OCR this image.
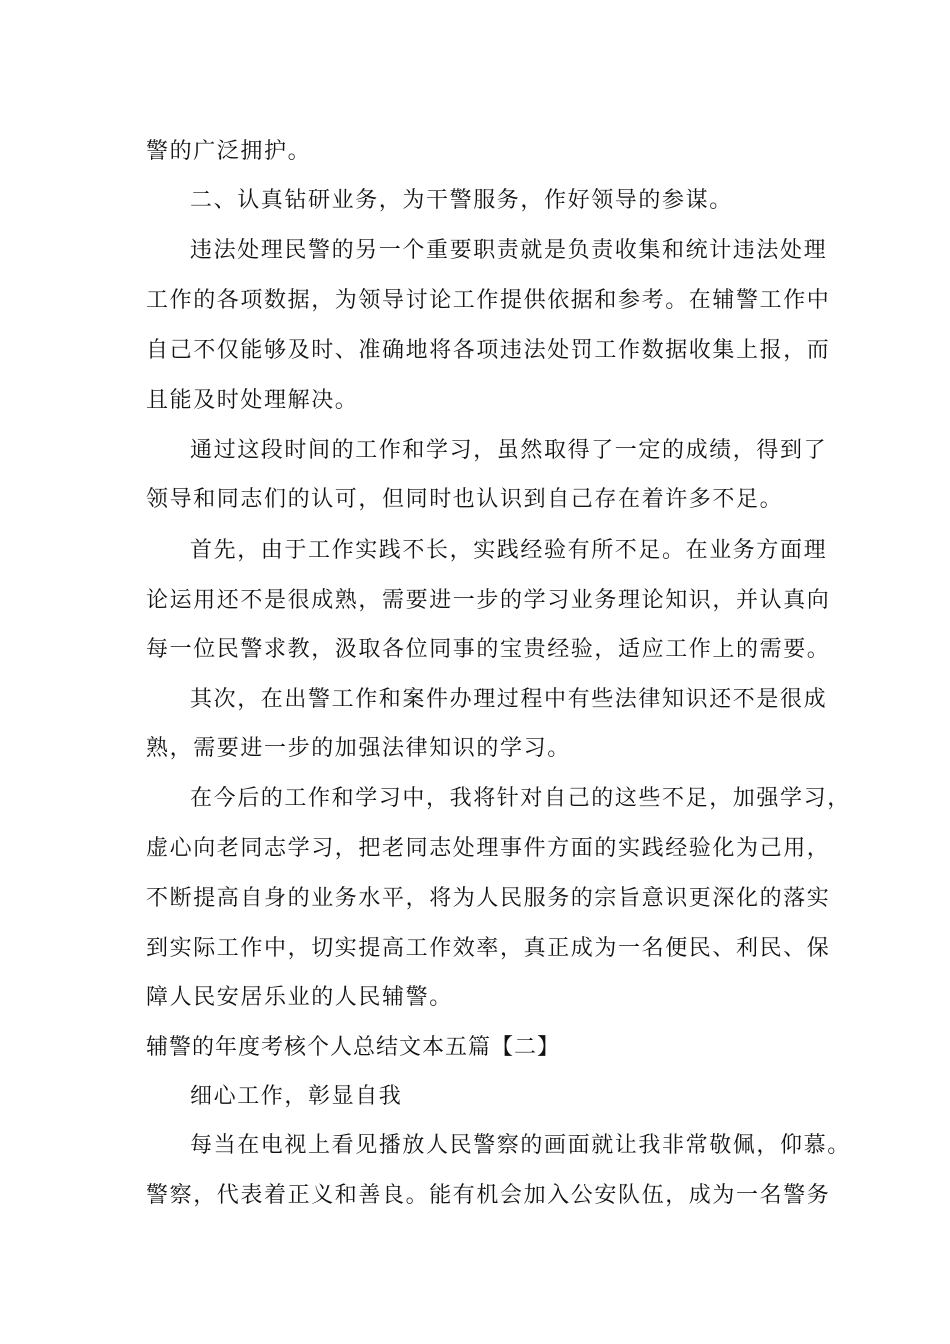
警的广泛拥护。

二、认真钻研业务，为干警服务，作好领导的参谋。

违法处理民警的另一个重要职责就是负责收集和统计违法处理

工作的各项数据，为领导讨论工作提供依据和参考。在辅警工作中

自己不仅能够及时、准确地将各项违法处罚工作数据收集上报，而

且能及时处理解决。

通过这段时间的工作和学习，虽然取得了一定的成绩，得到了

领导和同志们的认可，但同时也认识到自己存在着许多不足。

首先，由于工作实践不长，实践经验有所不足。在业务方面理

论运用还不是很成熟，需要进一步的学习业务理论知识，并认真向

每一位民警求教，汲取各位同事的宝贵经验，适应工作上的需要。

其次，在出警工作和案件办理过程中有些法律知识还不是很成

熟，需要进一步的加强法律知识的学习。

在今后的工作和学习中，我将针对自己的这些不足，加强学习，

虚心向老同志学习，把老同志处理事件方面的实践经验化为己用，

不断提高自身的业务水平，将为人民服务的宗旨意识更深化的落实

到实际工作中，切实提高工作效率，真正成为一名便民、利民、保

障人民安居乐业的人民辅警。

辅警的年度考核个人总结文本五篇【二】

细心工作，彰显自我

每当在电视上看见播放人民警察的画面就让我非常敬佩，仰慕。

警察，代表着正义和善良。能有机会加入公安队伍，成为一名警务
